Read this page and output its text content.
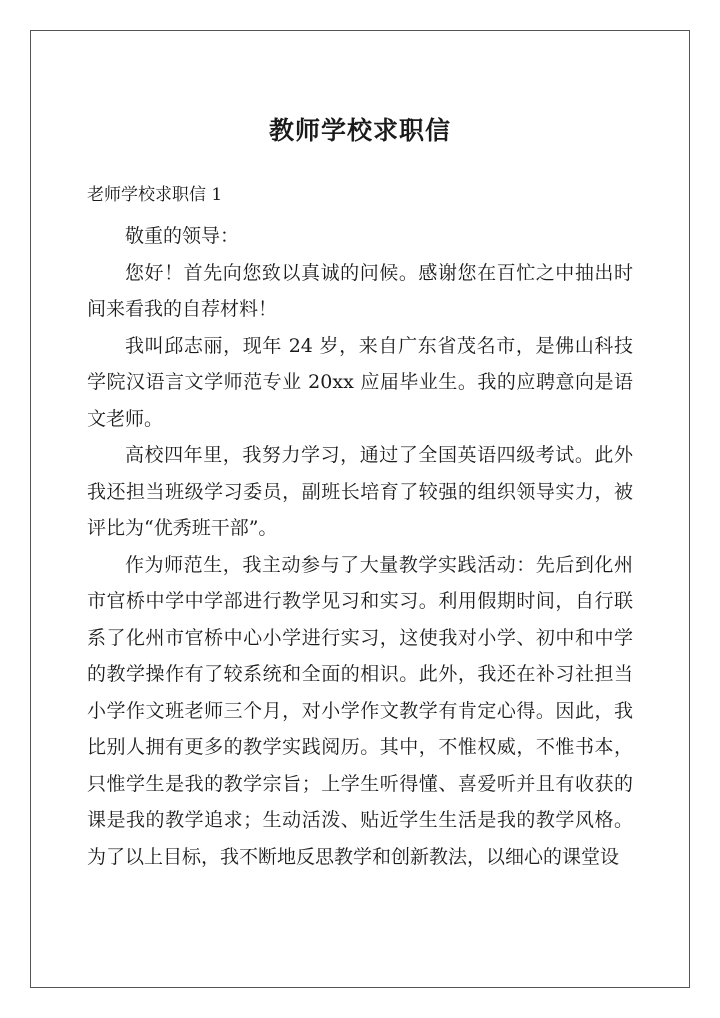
教师学校求职信
老师学校求职信 1

敬重的领导：

您好！首先向您致以真诚的问候。感谢您在百忙之中抽出时间来看我的自荐材料！

我叫邱志丽，现年 24 岁，来自广东省茂名市，是佛山科技学院汉语言文学师范专业 20xx 应届毕业生。我的应聘意向是语文老师。

高校四年里，我努力学习，通过了全国英语四级考试。此外我还担当班级学习委员，副班长培育了较强的组织领导实力，被评比为“优秀班干部”。

作为师范生，我主动参与了大量教学实践活动：先后到化州市官桥中学中学部进行教学见习和实习。利用假期时间，自行联系了化州市官桥中心小学进行实习，这使我对小学、初中和中学的教学操作有了较系统和全面的相识。此外，我还在补习社担当小学作文班老师三个月，对小学作文教学有肯定心得。因此，我比别人拥有更多的教学实践阅历。其中，不惟权威，不惟书本，只惟学生是我的教学宗旨；上学生听得懂、喜爱听并且有收获的课是我的教学追求；生动活泼、贴近学生生活是我的教学风格。为了以上目标，我不断地反思教学和创新教法，以细心的课堂设
